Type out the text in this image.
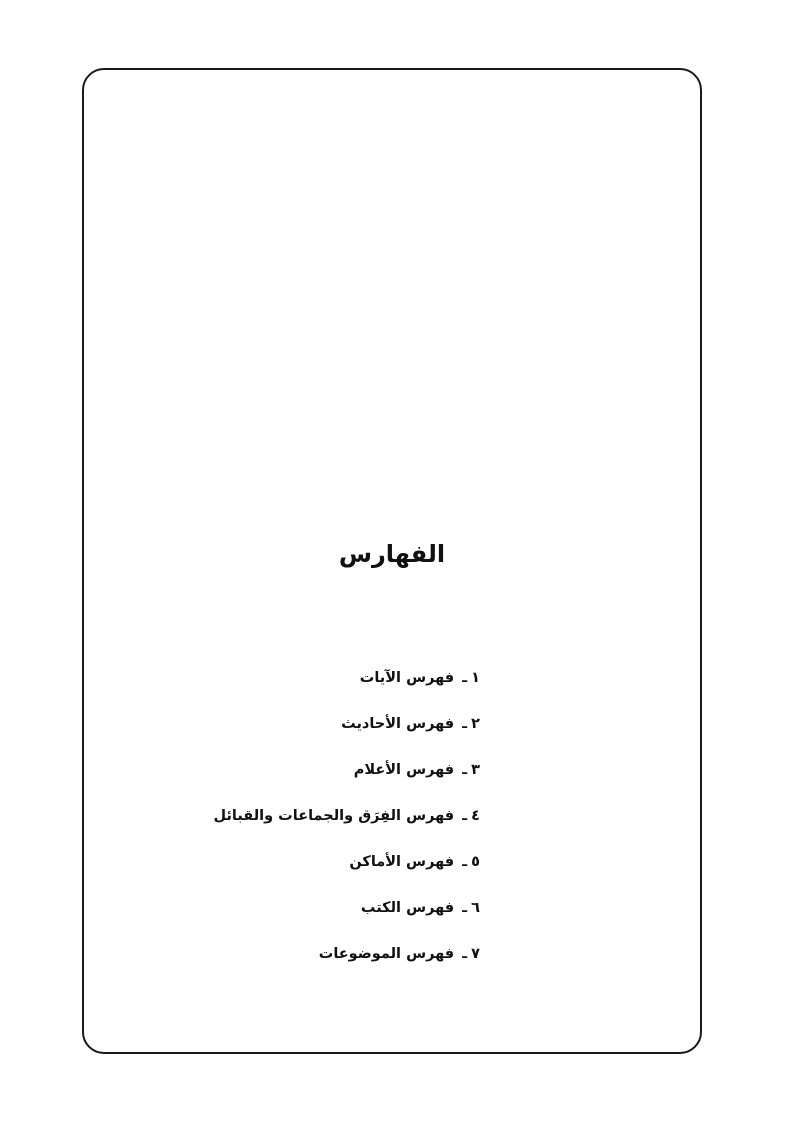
الفهارس
١ـفهرس الآيات
٢ـفهرس الأحاديث
٣ـفهرس الأعلام
٤ـفهرس الفِرَق والجماعات والقبائل
٥ـفهرس الأماكن
٦ـفهرس الكتب
٧ـفهرس الموضوعات
